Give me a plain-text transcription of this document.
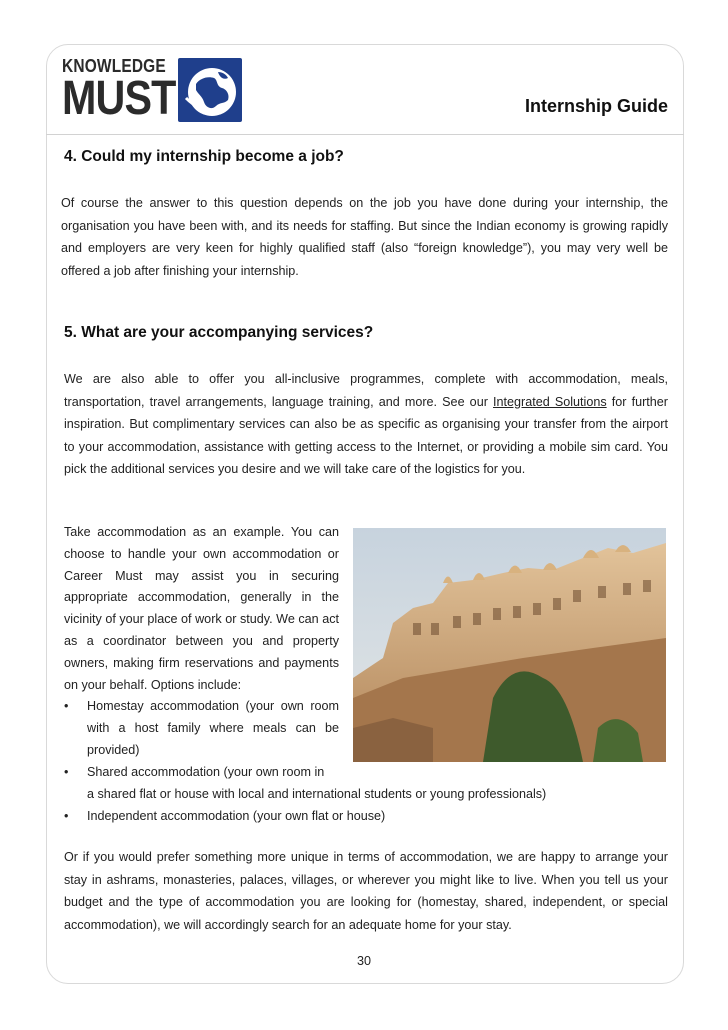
KNOWLEDGE
MUST	Internship Guide
4. Could my internship become a job?

Of course the answer to this question depends on the job you have done during your internship, the organisation you have been with, and its needs for staffing. But since the Indian economy is growing rapidly and employers are very keen for highly qualified staff (also “foreign knowledge”), you may very well be offered a job after finishing your internship.

5. What are your accompanying services?

We are also able to offer you all-inclusive programmes, complete with accommodation, meals, transportation, travel arrangements, language training, and more. See our Integrated Solutions for further inspiration. But complimentary services can also be as specific as organising your transfer from the airport to your accommodation, assistance with getting access to the Internet, or providing a mobile sim card. You pick the additional services you desire and we will take care of the logistics for you.

Take accommodation as an example. You can choose to handle your own accommodation or Career Must may assist you in securing appropriate accommodation, generally in the vicinity of your place of work or study. We can act as a coordinator between you and property owners, making firm reservations and payments on your behalf. Options include:

• Homestay accommodation (your own room with a host family where meals can be provided)
• Shared accommodation (your own room in
a shared flat or house with local and international students or young professionals)
• Independent accommodation (your own flat or house)

Or if you would prefer something more unique in terms of accommodation, we are happy to arrange your stay in ashrams, monasteries, palaces, villages, or wherever you might like to live. When you tell us your budget and the type of accommodation you are looking for (homestay, shared, independent, or special accommodation), we will accordingly search for an adequate home for your stay.

30
